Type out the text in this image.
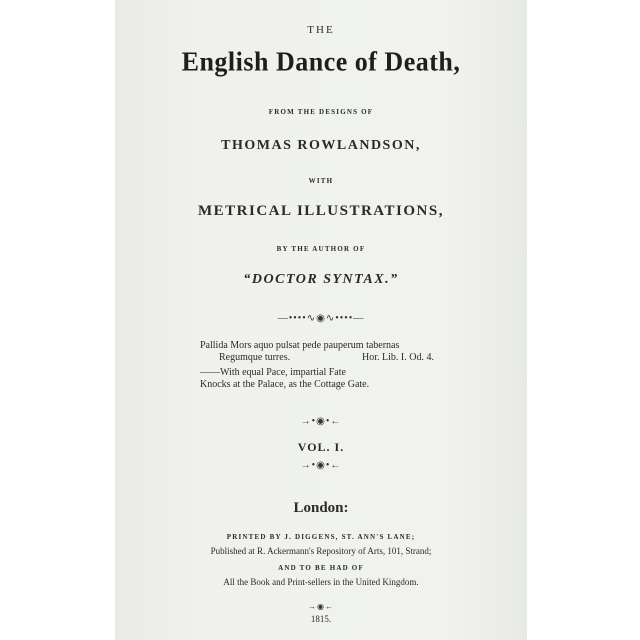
THE
English Dance of Death,
FROM THE DESIGNS OF
THOMAS ROWLANDSON,
WITH
METRICAL ILLUSTRATIONS,
BY THE AUTHOR OF
“DOCTOR SYNTAX.”
—••••∿◉∿••••—
Pallida Mors aquo pulsat pede pauperum tabernas
Regumque turres.	Hor. Lib. I. Od. 4.
——With equal Pace, impartial Fate
Knocks at the Palace, as the Cottage Gate.
→•◉•←
VOL. I.
→•◉•←
London:
PRINTED BY J. DIGGENS, ST. ANN'S LANE;
Published at R. Ackermann's Repository of Arts, 101, Strand;
AND TO BE HAD OF
All the Book and Print-sellers in the United Kingdom.
→◉←
1815.
